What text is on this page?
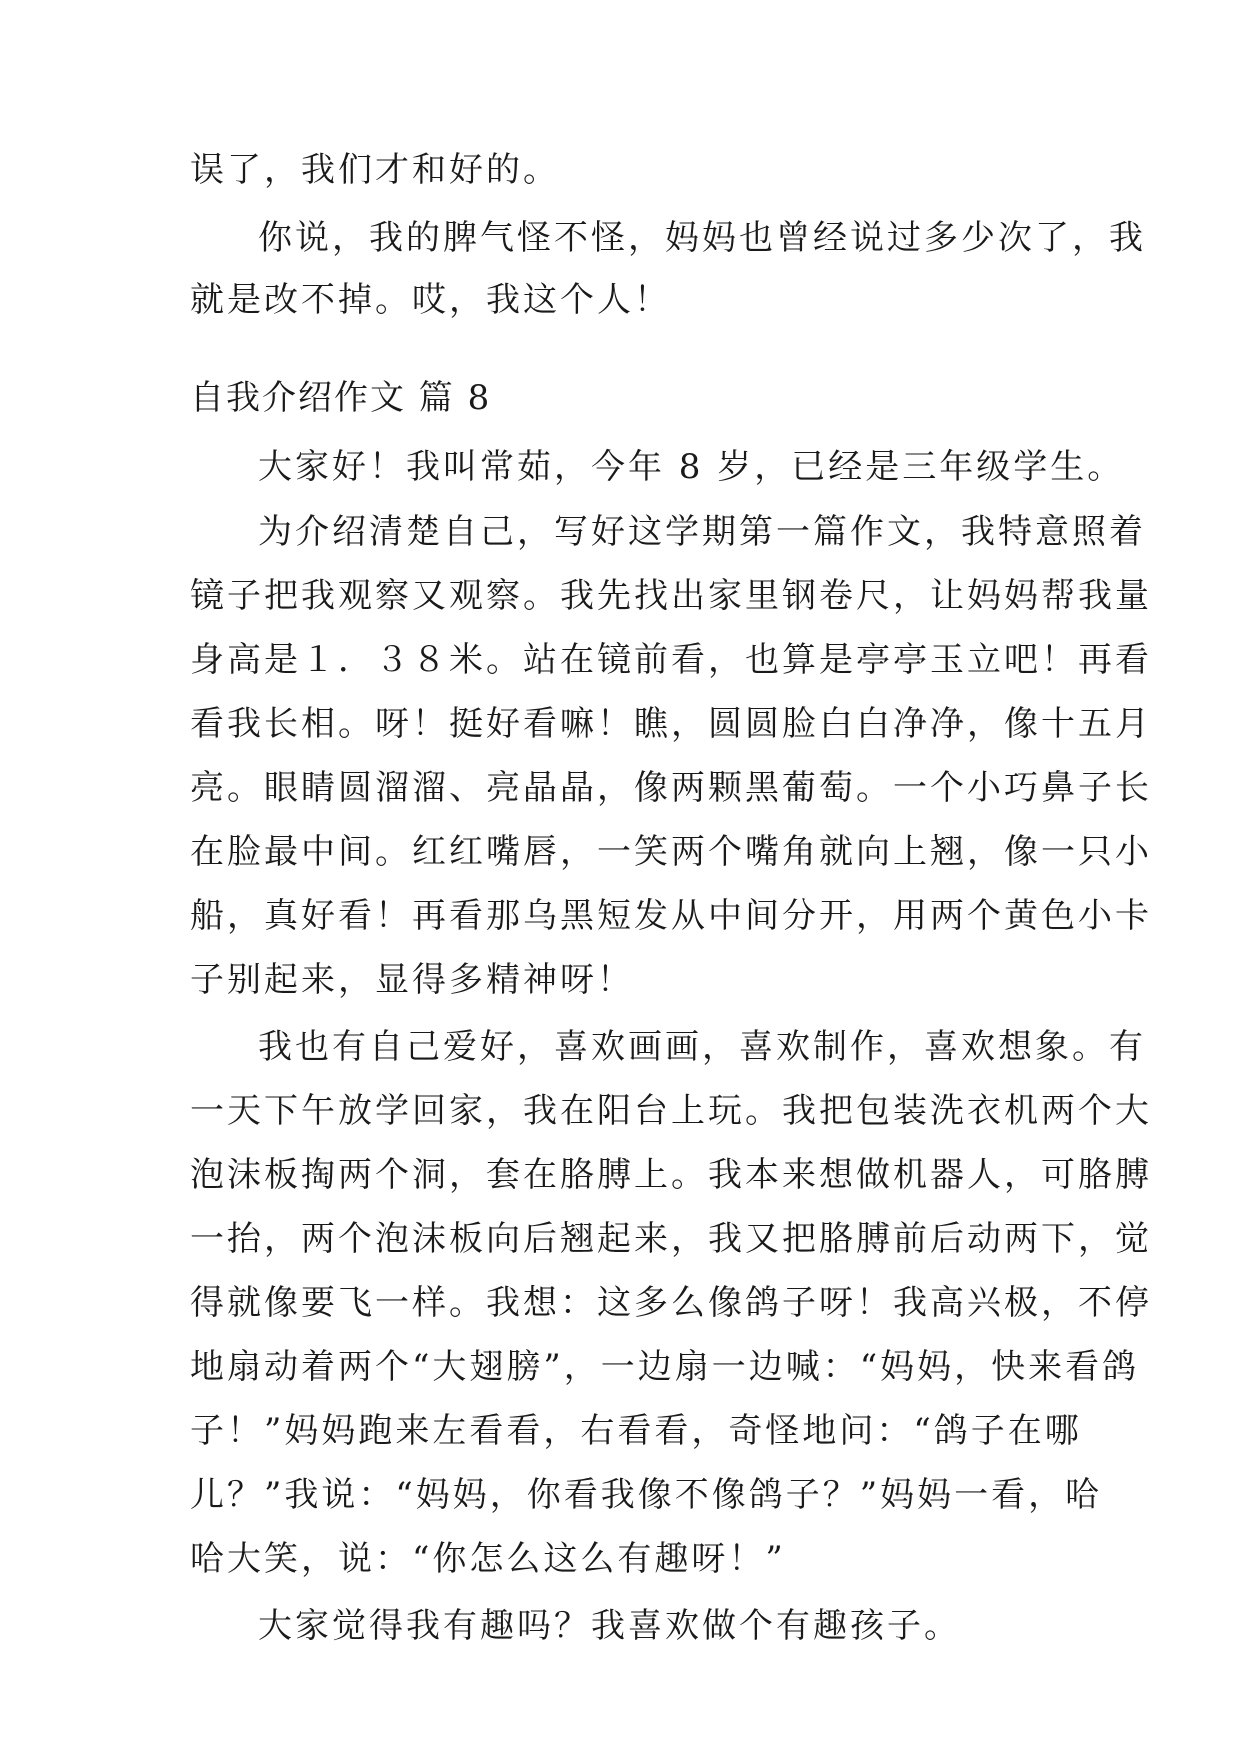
误了，我们才和好的。
你说，我的脾气怪不怪，妈妈也曾经说过多少次了，我
就是改不掉。哎，我这个人！
自我介绍作文 篇 8
大家好！我叫常茹，今年 8 岁，已经是三年级学生。
为介绍清楚自己，写好这学期第一篇作文，我特意照着
镜子把我观察又观察。我先找出家里钢卷尺，让妈妈帮我量
身高是１．３８米。站在镜前看，也算是亭亭玉立吧！再看
看我长相。呀！挺好看嘛！瞧，圆圆脸白白净净，像十五月
亮。眼睛圆溜溜、亮晶晶，像两颗黑葡萄。一个小巧鼻子长
在脸最中间。红红嘴唇，一笑两个嘴角就向上翘，像一只小
船，真好看！再看那乌黑短发从中间分开，用两个黄色小卡
子别起来，显得多精神呀！
我也有自己爱好，喜欢画画，喜欢制作，喜欢想象。有
一天下午放学回家，我在阳台上玩。我把包装洗衣机两个大
泡沫板掏两个洞，套在胳膊上。我本来想做机器人，可胳膊
一抬，两个泡沫板向后翘起来，我又把胳膊前后动两下，觉
得就像要飞一样。我想：这多么像鸽子呀！我高兴极，不停
地扇动着两个“大翅膀”，一边扇一边喊：“妈妈，快来看鸽
子！”妈妈跑来左看看，右看看，奇怪地问：“鸽子在哪
儿？”我说：“妈妈，你看我像不像鸽子？”妈妈一看，哈
哈大笑，说：“你怎么这么有趣呀！”
大家觉得我有趣吗？我喜欢做个有趣孩子。
